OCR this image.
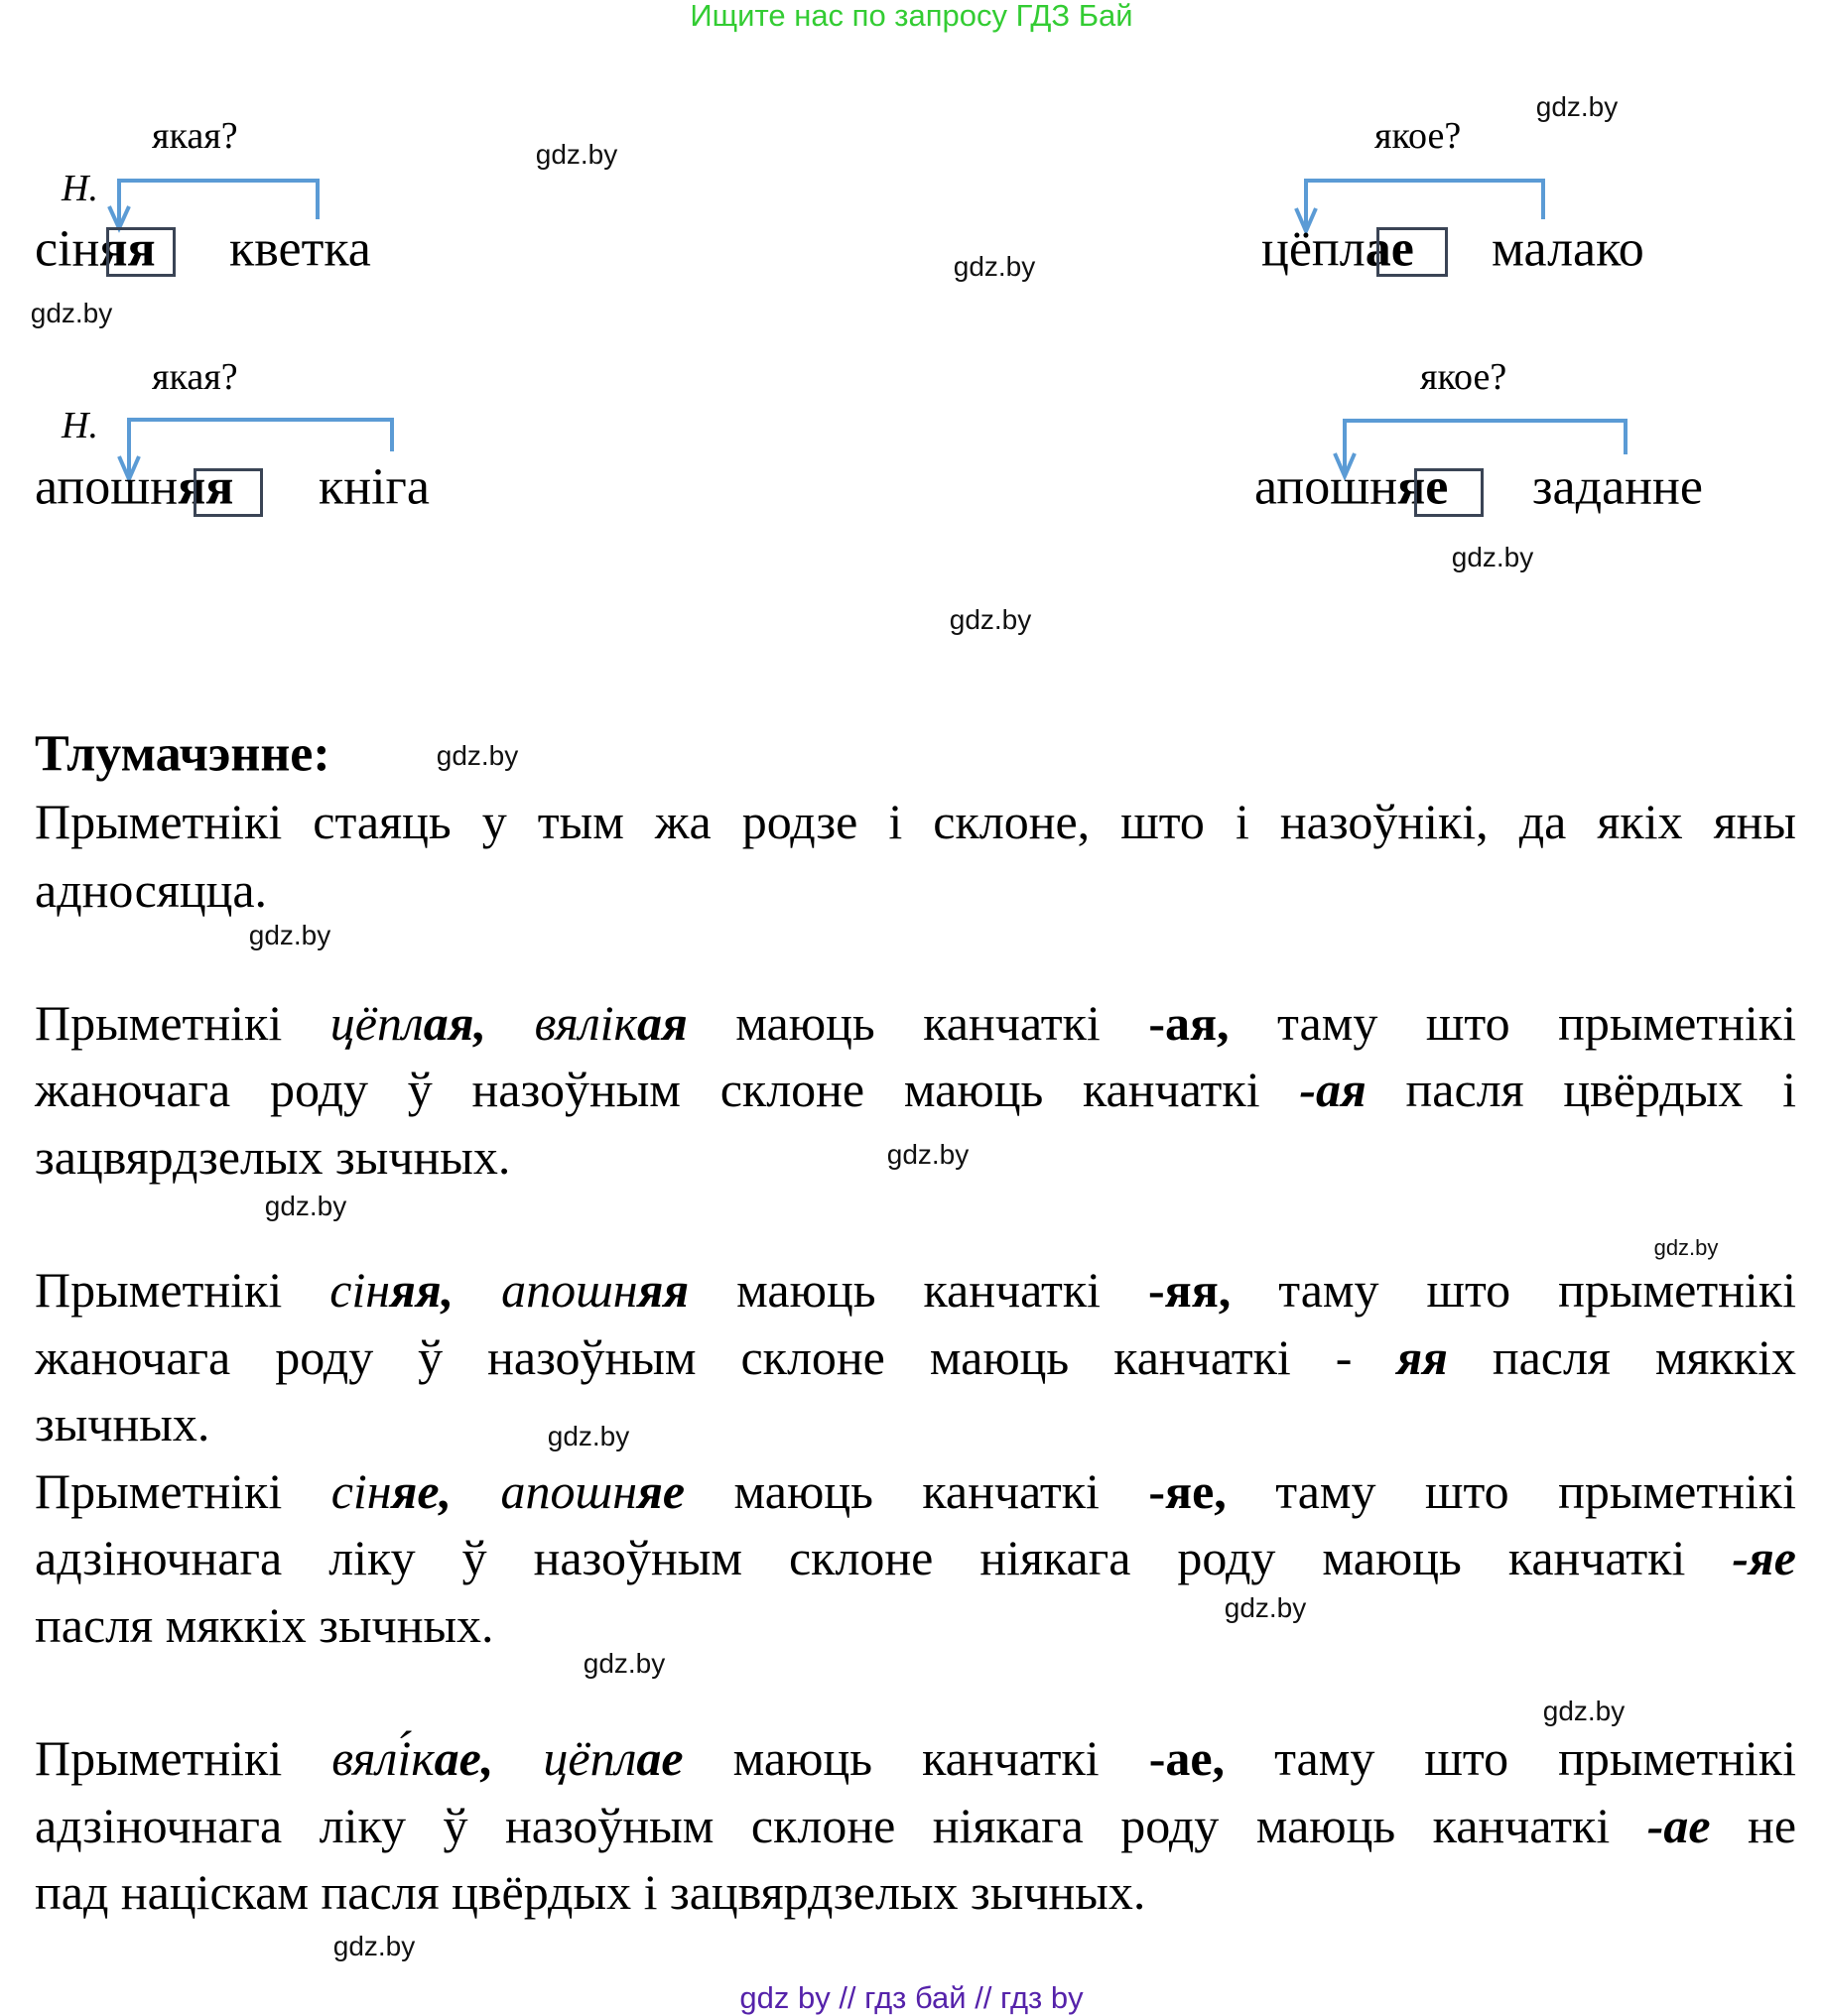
Ищите нас по запросу ГДЗ Бай
якая?
Н.
сіняя кветка
якая?
Н.
апошняя кніга
якое?
цёплае малако
якое?
апошняе заданне
Тлумачэнне:
Прыметнікі стаяць у тым жа родзе і склоне, што і назоўнікі, да якіх яны
адносяцца.
Прыметнікі цёплая, вялікая маюць канчаткі -ая, таму што прыметнікі
жаночага роду ў назоўным склоне маюць канчаткі -ая пасля цвёрдых і
зацвярдзелых зычных.
Прыметнікі сіняя, апошняя маюць канчаткі -яя, таму што прыметнікі
жаночага роду ў назоўным склоне маюць канчаткі - яя пасля мяккіх
зычных.
Прыметнікі сіняе, апошняе маюць канчаткі -яе, таму што прыметнікі
адзіночнага ліку ў назоўным склоне ніякага роду маюць канчаткі -яе
пасля мяккіх зычных.
Прыметнікі вялі́кае, цёплае маюць канчаткі -ае, таму што прыметнікі
адзіночнага ліку ў назоўным склоне ніякага роду маюць канчаткі -ае не
пад націскам пасля цвёрдых і зацвярдзелых зычных.
gdz.by
gdz.by
gdz.by
gdz.by
gdz.by
gdz.by
gdz.by
gdz.by
gdz.by
gdz.by
gdz.by
gdz.by
gdz.by
gdz.by
gdz.by
gdz.by
gdz by // гдз бай // гдз by
